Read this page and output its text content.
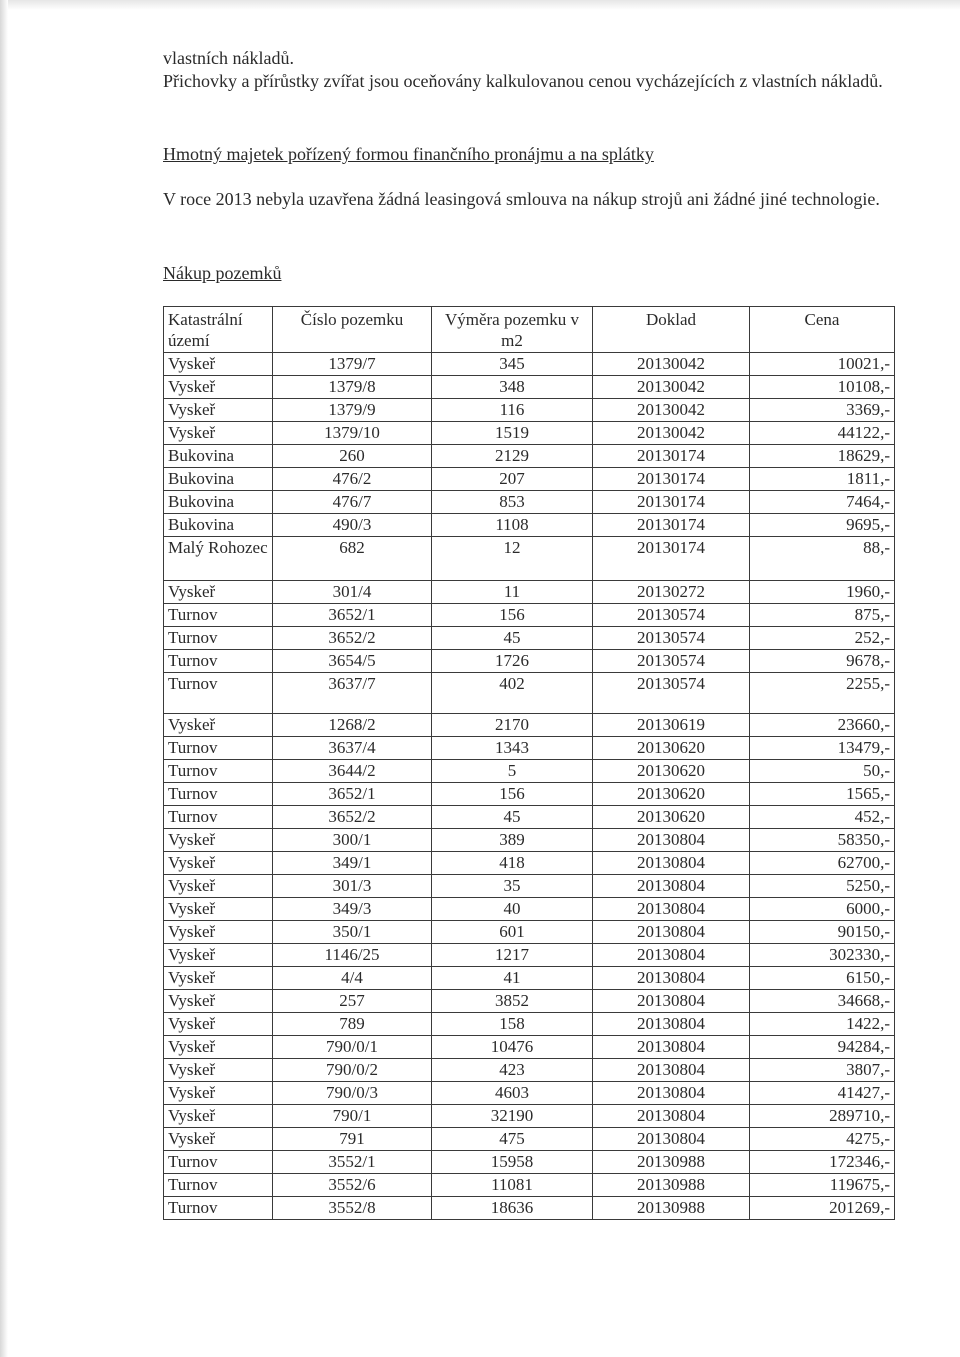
vlastních nákladů.
Přichovky a přírůstky zvířat jsou oceňovány kalkulovanou cenou vycházejících z vlastních nákladů.
Hmotný majetek pořízený formou finančního pronájmu a na splátky
V roce 2013 nebyla uzavřena žádná leasingová smlouva na nákup strojů ani žádné jiné technologie.
Nákup pozemků
Katastrální území	Číslo pozemku	Výměra pozemku v m2	Doklad	Cena
Vyskeř	1379/7	345	20130042	10021,-
Vyskeř	1379/8	348	20130042	10108,-
Vyskeř	1379/9	116	20130042	3369,-
Vyskeř	1379/10	1519	20130042	44122,-
Bukovina	260	2129	20130174	18629,-
Bukovina	476/2	207	20130174	1811,-
Bukovina	476/7	853	20130174	7464,-
Bukovina	490/3	1108	20130174	9695,-
Malý Rohozec	682	12	20130174	88,-
Vyskeř	301/4	11	20130272	1960,-
Turnov	3652/1	156	20130574	875,-
Turnov	3652/2	45	20130574	252,-
Turnov	3654/5	1726	20130574	9678,-
Turnov	3637/7	402	20130574	2255,-
Vyskeř	1268/2	2170	20130619	23660,-
Turnov	3637/4	1343	20130620	13479,-
Turnov	3644/2	5	20130620	50,-
Turnov	3652/1	156	20130620	1565,-
Turnov	3652/2	45	20130620	452,-
Vyskeř	300/1	389	20130804	58350,-
Vyskeř	349/1	418	20130804	62700,-
Vyskeř	301/3	35	20130804	5250,-
Vyskeř	349/3	40	20130804	6000,-
Vyskeř	350/1	601	20130804	90150,-
Vyskeř	1146/25	1217	20130804	302330,-
Vyskeř	4/4	41	20130804	6150,-
Vyskeř	257	3852	20130804	34668,-
Vyskeř	789	158	20130804	1422,-
Vyskeř	790/0/1	10476	20130804	94284,-
Vyskeř	790/0/2	423	20130804	3807,-
Vyskeř	790/0/3	4603	20130804	41427,-
Vyskeř	790/1	32190	20130804	289710,-
Vyskeř	791	475	20130804	4275,-
Turnov	3552/1	15958	20130988	172346,-
Turnov	3552/6	11081	20130988	119675,-
Turnov	3552/8	18636	20130988	201269,-
